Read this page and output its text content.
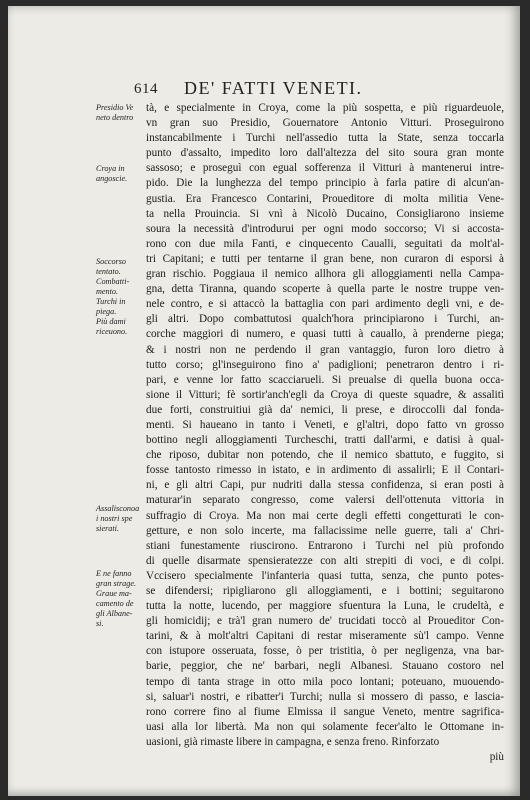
614 DE' FATTI VENETI.
Presidio Ve
neto dentro
Croya in
angoscie.
Soccorso
tentato.
Combatti-
mento.
Turchi in
piega.
Più dami
riceuono.
Assalisconoa
i nostri spe
sierati.
E ne fanno
gran strage.
Graue ma-
camento de
gli Albane-
si.
tà, e specialmente in Croya, come la più sospetta, e più riguardeuole,
vn gran suo Presidio, Gouernatore Antonio Vitturi. Proseguirono
instancabilmente i Turchi nell'assedio tutta la State, senza toccarla
punto d'assalto, impedito loro dall'altezza del sito soura gran monte
sassoso; e proseguì con egual sofferenza il Vitturi à mantenerui intre-
pido. Die la lunghezza del tempo principio à farla patire di alcun'an-
gustia. Era Francesco Contarini, Proueditore di molta militia Vene-
ta nella Prouincia. Si vnì à Nicolò Ducaino, Consigliarono insieme
soura la necessità d'introdurui per ogni modo soccorso; Vi si accosta-
rono con due mila Fanti, e cinquecento Caualli, seguitati da molt'al-
tri Capitani; e tutti per tentarne il gran bene, non curaron di esporsi à
gran rischio. Poggiaua il nemico allhora gli alloggiamenti nella Campa-
gna, detta Tiranna, quando scoperte à quella parte le nostre truppe ven-
nele contro, e si attaccò la battaglia con pari ardimento degli vni, e de-
gli altri. Dopo combattutosi qualch'hora principiarono i Turchi, an-
corche maggiori di numero, e quasi tutti à cauallo, à prenderne piega;
& i nostri non ne perdendo il gran vantaggio, furon loro dietro à
tutto corso; gl'inseguirono fino a' padiglioni; penetraron dentro i ri-
pari, e venne lor fatto scacciarueli. Si preualse di quella buona occa-
sione il Vitturi; fè sortir'anch'egli da Croya di queste squadre, & assalitì
due forti, construitiui già da' nemici, li prese, e diroccolli dal fonda-
menti. Si haueano in tanto i Veneti, e gl'altri, dopo fatto vn grosso
bottino negli alloggiamenti Turcheschi, tratti dall'armi, e datisi à qual-
che riposo, dubitar non potendo, che il nemico sbattuto, e fuggito, si
fosse tantosto rimesso in istato, e in ardimento di assalirli; E il Contari-
ni, e gli altri Capi, pur nudriti dalla stessa confidenza, si eran posti à
maturar'in separato congresso, come valersi dell'ottenuta vittoria in
suffragio di Croya. Ma non mai certe degli effetti congetturati le con-
getture, e non solo incerte, ma fallacissime nelle guerre, tali a' Chri-
stiani funestamente riuscirono. Entrarono i Turchi nel più profondo
di quelle disarmate spensieratezze con alti strepiti di voci, e di colpi.
Vccisero specialmente l'infanteria quasi tutta, senza, che punto potes-
se difendersi; ripigliarono gli alloggiamenti, e i bottini; seguitarono
tutta la notte, lucendo, per maggiore sfuentura la Luna, le crudeltà, e
gli homicidij; e trà'l gran numero de' trucidati toccò al Proueditor Con-
tarini, & à molt'altri Capitani di restar miseramente sù'l campo. Venne
con istupore osseruata, fosse, ò per tristitia, ò per negligenza, vna bar-
barie, peggior, che ne' barbari, negli Albanesi. Stauano costoro nel
tempo di tanta strage in otto mila poco lontani; poteuano, muouendo-
si, saluar'i nostri, e ribatter'i Turchi; nulla si mossero di passo, e lascia-
rono correre fino al fiume Elmissa il sangue Veneto, mentre sagrifica-
uasi alla lor libertà. Ma non qui solamente fecer'alto le Ottomane in-
uasioni, già rimaste libere in campagna, e senza freno. Rinforzato
più
